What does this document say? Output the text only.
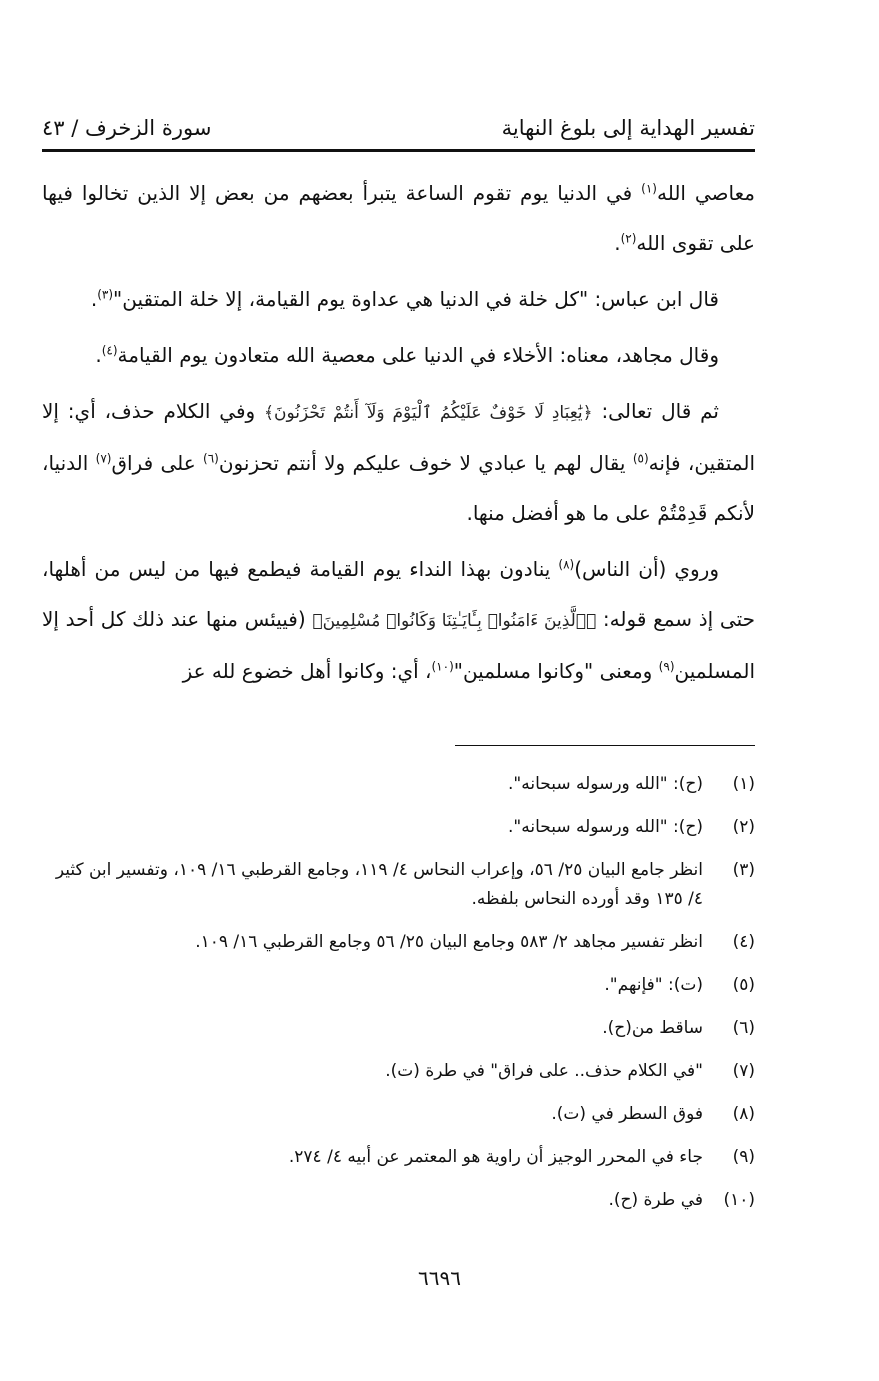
تفسير الهداية إلى بلوغ النهاية
سورة الزخرف / ٤٣

معاصي الله$^{(١)}$ في الدنيا يوم تقوم الساعة يتبرأ بعضهم من بعض إلا الذين تخالوا فيها على تقوى الله$^{(٢)}$.

قال ابن عباس: "كل خلة في الدنيا هي عداوة يوم القيامة، إلا خلة المتقين"$^{(٣)}$.

وقال مجاهد، معناه: الأخلاء في الدنيا على معصية الله متعادون يوم القيامة$^{(٤)}$.

ثم قال تعالى: ﴿يَٰعِبَادِ لَا خَوْفٌ عَلَيْكُمُ ٱلْيَوْمَ وَلَآ أَنتُمْ تَحْزَنُونَ﴾ وفي الكلام حذف، أي: إلا المتقين، فإنه$^{(٥)}$ يقال لهم يا عبادي لا خوف عليكم ولا أنتم تحزنون$^{(٦)}$ على فراق$^{(٧)}$ الدنيا، لأنكم قَدِمْتُمْ على ما هو أفضل منها.

وروي (أن الناس)$^{(٨)}$ ينادون بهذا النداء يوم القيامة فيطمع فيها من ليس من أهلها، حتى إذ سمع قوله: ﴿ٱلَّذِينَ ءَامَنُوا۟ بِـَٔايَـٰتِنَا وَكَانُوا۟ مُسْلِمِينَ﴾ (فييئس منها عند ذلك كل أحد إلا المسلمين$^{(٩)}$ ومعنى "وكانوا مسلمين"$^{(١٠)}$، أي: وكانوا أهل خضوع لله عز

(١)
(ح): "الله ورسوله سبحانه".
(٢)
(ح): "الله ورسوله سبحانه".
(٣)
انظر جامع البيان ٢٥/ ٥٦، وإعراب النحاس ٤/ ١١٩، وجامع القرطبي ١٦/ ١٠٩، وتفسير ابن كثير ٤/ ١٣٥ وقد أورده النحاس بلفظه.
(٤)
انظر تفسير مجاهد ٢/ ٥٨٣ وجامع البيان ٢٥/ ٥٦ وجامع القرطبي ١٦/ ١٠٩.
(٥)
(ت): "فإنهم".
(٦)
ساقط من(ح).
(٧)
"في الكلام حذف.. على فراق" في طرة (ت).
(٨)
فوق السطر في (ت).
(٩)
جاء في المحرر الوجيز أن راوية هو المعتمر عن أبيه ٤/ ٢٧٤.
(١٠)
في طرة (ح).
٦٦٩٦
